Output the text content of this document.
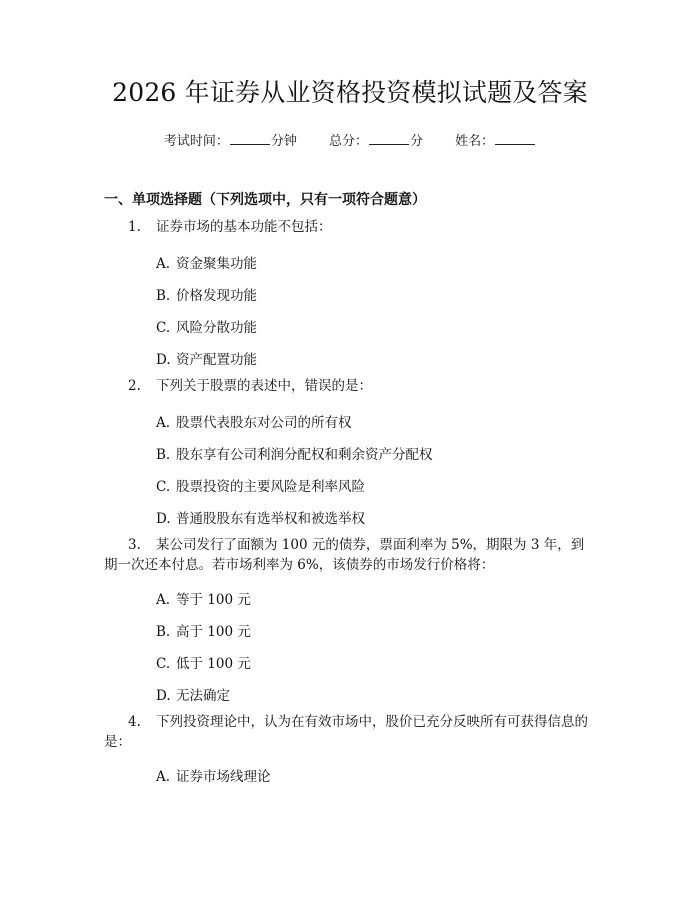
2026 年证券从业资格投资模拟试题及答案
考试时间：	分钟 总分：	分 姓名：
一、单项选择题（下列选项中，只有一项符合题意）
1.	证券市场的基本功能不包括：
A. 资金聚集功能
B. 价格发现功能
C. 风险分散功能
D. 资产配置功能
2.	下列关于股票的表述中，错误的是：
A. 股票代表股东对公司的所有权
B. 股东享有公司利润分配权和剩余资产分配权
C. 股票投资的主要风险是利率风险
D. 普通股股东有选举权和被选举权
3. 某公司发行了面额为 100 元的债券，票面利率为 5%，期限为 3 年，到期一次还本付息。若市场利率为 6%，该债券的市场发行价格将：
A. 等于 100 元
B. 高于 100 元
C. 低于 100 元
D. 无法确定
4. 下列投资理论中，认为在有效市场中，股价已充分反映所有可获得信息的是：
A. 证券市场线理论
